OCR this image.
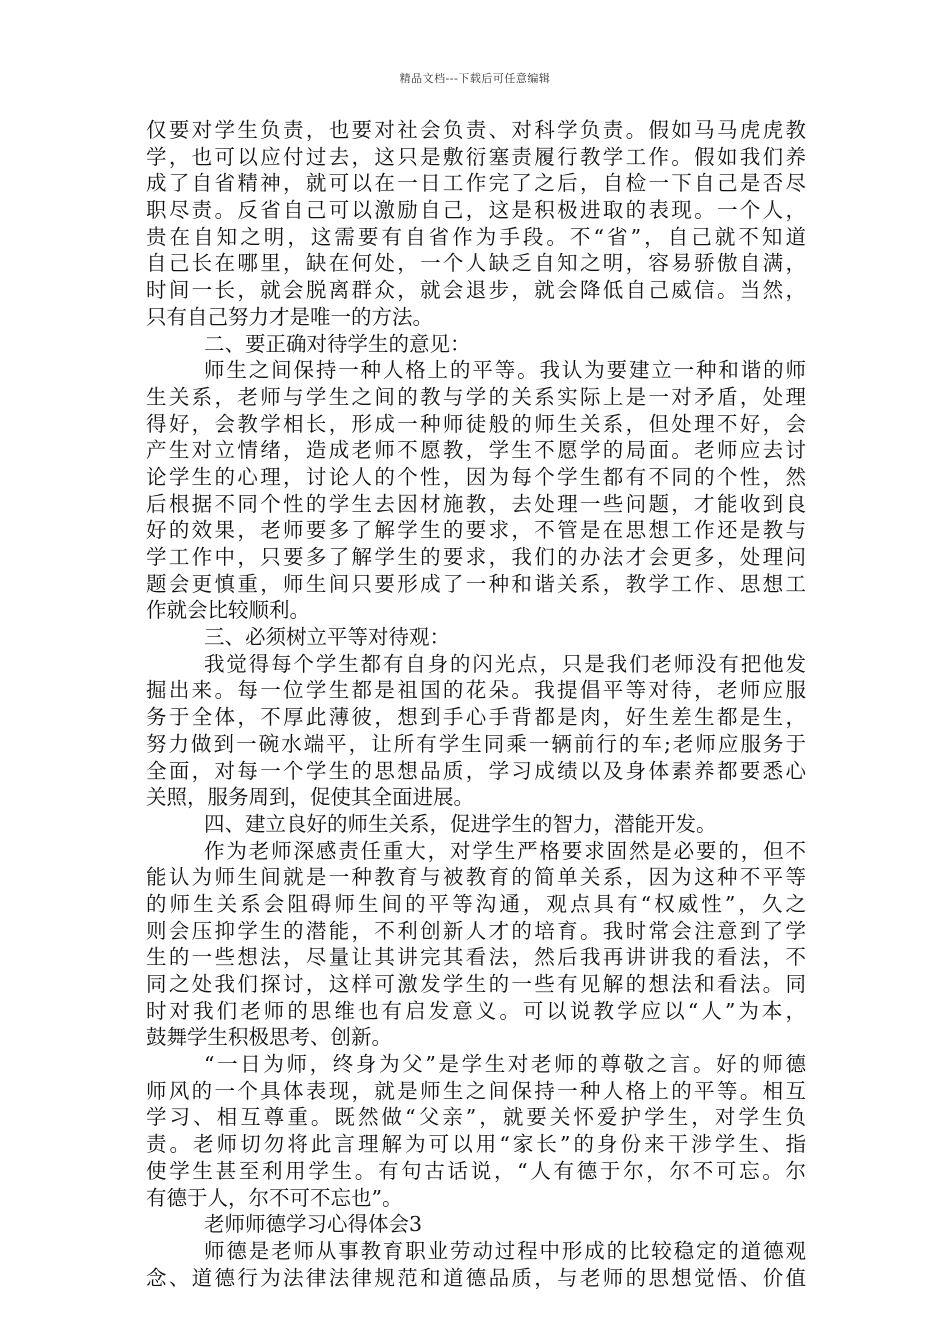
精品文档---下载后可任意编辑
仅要对学生负责，也要对社会负责、对科学负责。假如马马虎虎教
学，也可以应付过去，这只是敷衍塞责履行教学工作。假如我们养
成了自省精神，就可以在一日工作完了之后，自检一下自己是否尽
职尽责。反省自己可以激励自己，这是积极进取的表现。一个人，
贵在自知之明，这需要有自省作为手段。不“省”，自己就不知道
自己长在哪里，缺在何处，一个人缺乏自知之明，容易骄傲自满，
时间一长，就会脱离群众，就会退步，就会降低自己威信。当然，
只有自己努力才是唯一的方法。
二、要正确对待学生的意见：
师生之间保持一种人格上的平等。我认为要建立一种和谐的师
生关系，老师与学生之间的教与学的关系实际上是一对矛盾，处理
得好，会教学相长，形成一种师徒般的师生关系，但处理不好，会
产生对立情绪，造成老师不愿教，学生不愿学的局面。老师应去讨
论学生的心理，讨论人的个性，因为每个学生都有不同的个性，然
后根据不同个性的学生去因材施教，去处理一些问题，才能收到良
好的效果，老师要多了解学生的要求，不管是在思想工作还是教与
学工作中，只要多了解学生的要求，我们的办法才会更多，处理问
题会更慎重，师生间只要形成了一种和谐关系，教学工作、思想工
作就会比较顺利。
三、必须树立平等对待观：
我觉得每个学生都有自身的闪光点，只是我们老师没有把他发
掘出来。每一位学生都是祖国的花朵。我提倡平等对待，老师应服
务于全体，不厚此薄彼，想到手心手背都是肉，好生差生都是生，
努力做到一碗水端平，让所有学生同乘一辆前行的车;老师应服务于
全面，对每一个学生的思想品质，学习成绩以及身体素养都要悉心
关照，服务周到，促使其全面进展。
四、建立良好的师生关系，促进学生的智力，潜能开发。
作为老师深感责任重大，对学生严格要求固然是必要的，但不
能认为师生间就是一种教育与被教育的简单关系，因为这种不平等
的师生关系会阻碍师生间的平等沟通，观点具有“权威性”，久之
则会压抑学生的潜能，不利创新人才的培育。我时常会注意到了学
生的一些想法，尽量让其讲完其看法，然后我再讲讲我的看法，不
同之处我们探讨，这样可激发学生的一些有见解的想法和看法。同
时对我们老师的思维也有启发意义。可以说教学应以“人”为本，
鼓舞学生积极思考、创新。
“一日为师，终身为父”是学生对老师的尊敬之言。好的师德
师风的一个具体表现，就是师生之间保持一种人格上的平等。相互
学习、相互尊重。既然做“父亲”，就要关怀爱护学生，对学生负
责。老师切勿将此言理解为可以用“家长”的身份来干涉学生、指
使学生甚至利用学生。有句古话说，“人有德于尔，尔不可忘。尔
有德于人，尔不可不忘也”。
老师师德学习心得体会3
师德是老师从事教育职业劳动过程中形成的比较稳定的道德观
念、道德行为法律法律规范和道德品质，与老师的思想觉悟、价值
